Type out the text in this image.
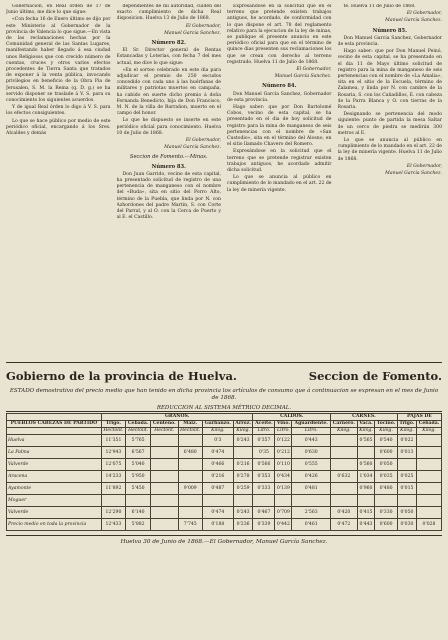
Gobernacion, en Real órden de 17 de Junio último, me dice lo que sigue:

«Con fecha 16 de Enero último se dijo por este Ministerio al Gobernador de la provincia de Valencia lo que sigue.—En vista de las reclamaciones hechas por la Comunidad general de las Santas Lugares, manifestando haber llegado á esa ciudad unos Religiosos que con crecido número de cuentas, cruces y otros varios efectos procedentes de Tierra Santa que tratados de exponer á la venta pública, invocando privilegios en beneficio de la Obra Pia de Jerusalen, S. M. la Reina (q. D. g.) se ha servido disponer se traslade á V. S. para su conocimiento los siguientes acuerdos.

Y de igual Real órden lo digo á V. S. para los efectos consiguientes.

Lo que se hace público por medio de este periódico oficial, encargando á los Sres. Alcaldes y demás

dependientes de mi autoridad, cuiden del exacto cumplimiento de dicha Real disposicion. Huelva 13 de Julio de 1868.

El Gobernador,

Manuel García Sanchez.

Número 82.

El Sr. Director general de Rentas Estancadas y Loterías, con fecha 7 del mes actual, me dice lo que sigue:

«En el sorteo celebrado en este dia para adjudicar el premio de 250 escudos concedido con cada uno á las huérfanas de militares y patriotas muertos en campaña, ha cabido en suerte dicho premio á doña Fernanda Benedicto, hija de Don Francisco, M. N. de la villa de Barrañon, muerto en el campo del honor.

Lo que he dispuesto se inserte en este periódico oficial para conocimiento. Huelva 10 de Julio de 1868.

El Gobernador,

Manuel García Sanchez.

Seccion de Fomento.—Minas.

Número 83.

Don Juan Garrido, vecino de esta capital, ha presentado solicitud de registro de una pertenencia de manganeso con el nombre del «Buda», sita en sitio del Porro Alto, término de la Puebla, que linda por N. con Azhordones del padre Martin, S. con Corte del Parral, y al O. con la Cerca de Puerto y al E. el Castillo.

Expresándose en la solicitud que en el terreno que pretende existen trabajos antiguos, he acordado, de conformidad con lo que dispone el art. 78 del reglamento relativo para la ejecucion de la ley de minas, se publique el presente anuncio en este periódico oficial para que en el término de quince dias presenten sus reclamaciones los que se crean con derecho al terreno registrado. Huelva 11 de Julio de 1868.

El Gobernador,

Manuel García Sanchez.

Número 84.

Don Manuel García Sanchez, Gobernador de esta provincia.

Hago saber: que por Don Bartolomé Cobos, vecino de esta capital, se ha presentado en el dia de hoy solicitud de registro para la mina de manganeso de seis pertenencias con el nombre de «San Custodio», sita en el término del Alosno, en el sitio llamado Chavero del Romero.

Expresándose en la solicitud que el terreno que se pretende registrar existen trabajos antiguos, he acordado admitir dicha solicitud.

Lo que se anuncia al público en cumplimiento de lo mandado en el art. 22 de la ley de minería vigente.

te. Huelva 11 de Julio de 1868.

El Gobernador,

Manuel García Sanchez.

Número 85.

Don Manuel García Sanchez, Gobernador de esta provincia.

Hago saber: que por Don Manuel Peinó, vecino de esta capital, se ha presentado en el dia 11 de Mayo último solicitud de registro para la mina de manganeso de seis pertenencias con el nombre de «La Amalia», sita en el sitio de la Escuela, término de Zalamea, y linda por N. con cambre de la Rosaria, S. con los Cañadillos, E. con cabeza de la Parra Blanca y O. con tierras de la Rosaria.

Designando se pertenencia del modo siguiente: punto de partida la mesa Saltar de un cerco de piedra se medirán 300 metros al E.

Lo que se anuncia al público en cumplimiento de lo mandado en el art. 22 de la ley de minería vigente. Huelva 11 de Julio de 1868.

El Gobernador,

Manuel García Sanchez.

Gobierno de la provincia de Huelva.	Seccion de Fomento.
ESTADO demostrativo del precio medio que han tenido en dicha provincia los artículos de consumo que á continuacion se expresan en el mes de Junio de 1868.
REDUCCION AL SISTEMA MÉTRICO DECIMAL.
	GRANOS.						CALDOS.			CARNES.			PAJAS DE	
PUEBLOS CABEZAS DE PARTIDO	Trigo.	Cebada.	Centeno.	Maiz.	Garbanzo.	Arroz.	Aceite.	Vino.	Aguardiente.	Carnero.	Vaca.	Tocino.	Trigo.	Cebada.
	Hectólit.	Hectólit.	Hectólit.	Hectólit.	Kilóg.	Kilóg.	Litro.	Litro.	Litro.	Kilóg.	Kilóg.	Kilóg.	Kilóg.	Kilóg.
Huelva	11'351	5'765			0'3	0'243	0'357	0'122	0'443		0'565	0'540	0'022	
La Palma	12'943	6'567		6'480	0'474		0'35	0'212	0'630			0'600	0'013	
Valverde	12'075	5'040			0'466	0'216	0'566	0'110	0'555		0'560	0'050		
Aracena	14'233	5'950			0'216	0'278	0'353	0'434	0'426	0'632	1'034	0'035	0'025	
Ayamonte	11'892	5'450		9'009	0'487	0'259	0'333	0'139	0'481		0'960	0'480	0'015	
Moguer														
Valverde	12'290	6'140			0'474	0'243	0'467	0'709	2'563	0'420	0'415	0'330	0'050	
Precio medio en toda la provincia	12'433	5'882		7'745	0'188	0'236	0'339	0'442	0'461	0'472	0'443	0'600	0'030	0'028
Huelva 30 de Junio de 1868.—El Gobernador, Manuel García Sanchez.
